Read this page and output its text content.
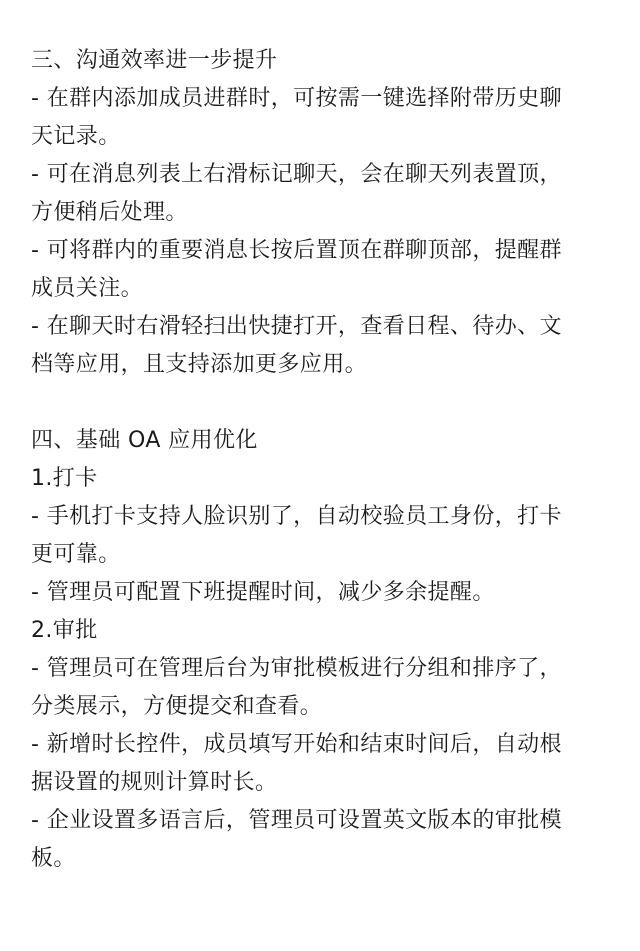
三、沟通效率进一步提升
- 在群内添加成员进群时，可按需一键选择附带历史聊
天记录。
- 可在消息列表上右滑标记聊天，会在聊天列表置顶，
方便稍后处理。
- 可将群内的重要消息长按后置顶在群聊顶部，提醒群
成员关注。
- 在聊天时右滑轻扫出快捷打开，查看日程、待办、文
档等应用，且支持添加更多应用。
四、基础 OA 应用优化
1.打卡
- 手机打卡支持人脸识别了，自动校验员工身份，打卡
更可靠。
- 管理员可配置下班提醒时间，减少多余提醒。
2.审批
- 管理员可在管理后台为审批模板进行分组和排序了，
分类展示，方便提交和查看。
- 新增时长控件，成员填写开始和结束时间后，自动根
据设置的规则计算时长。
- 企业设置多语言后，管理员可设置英文版本的审批模
板。
